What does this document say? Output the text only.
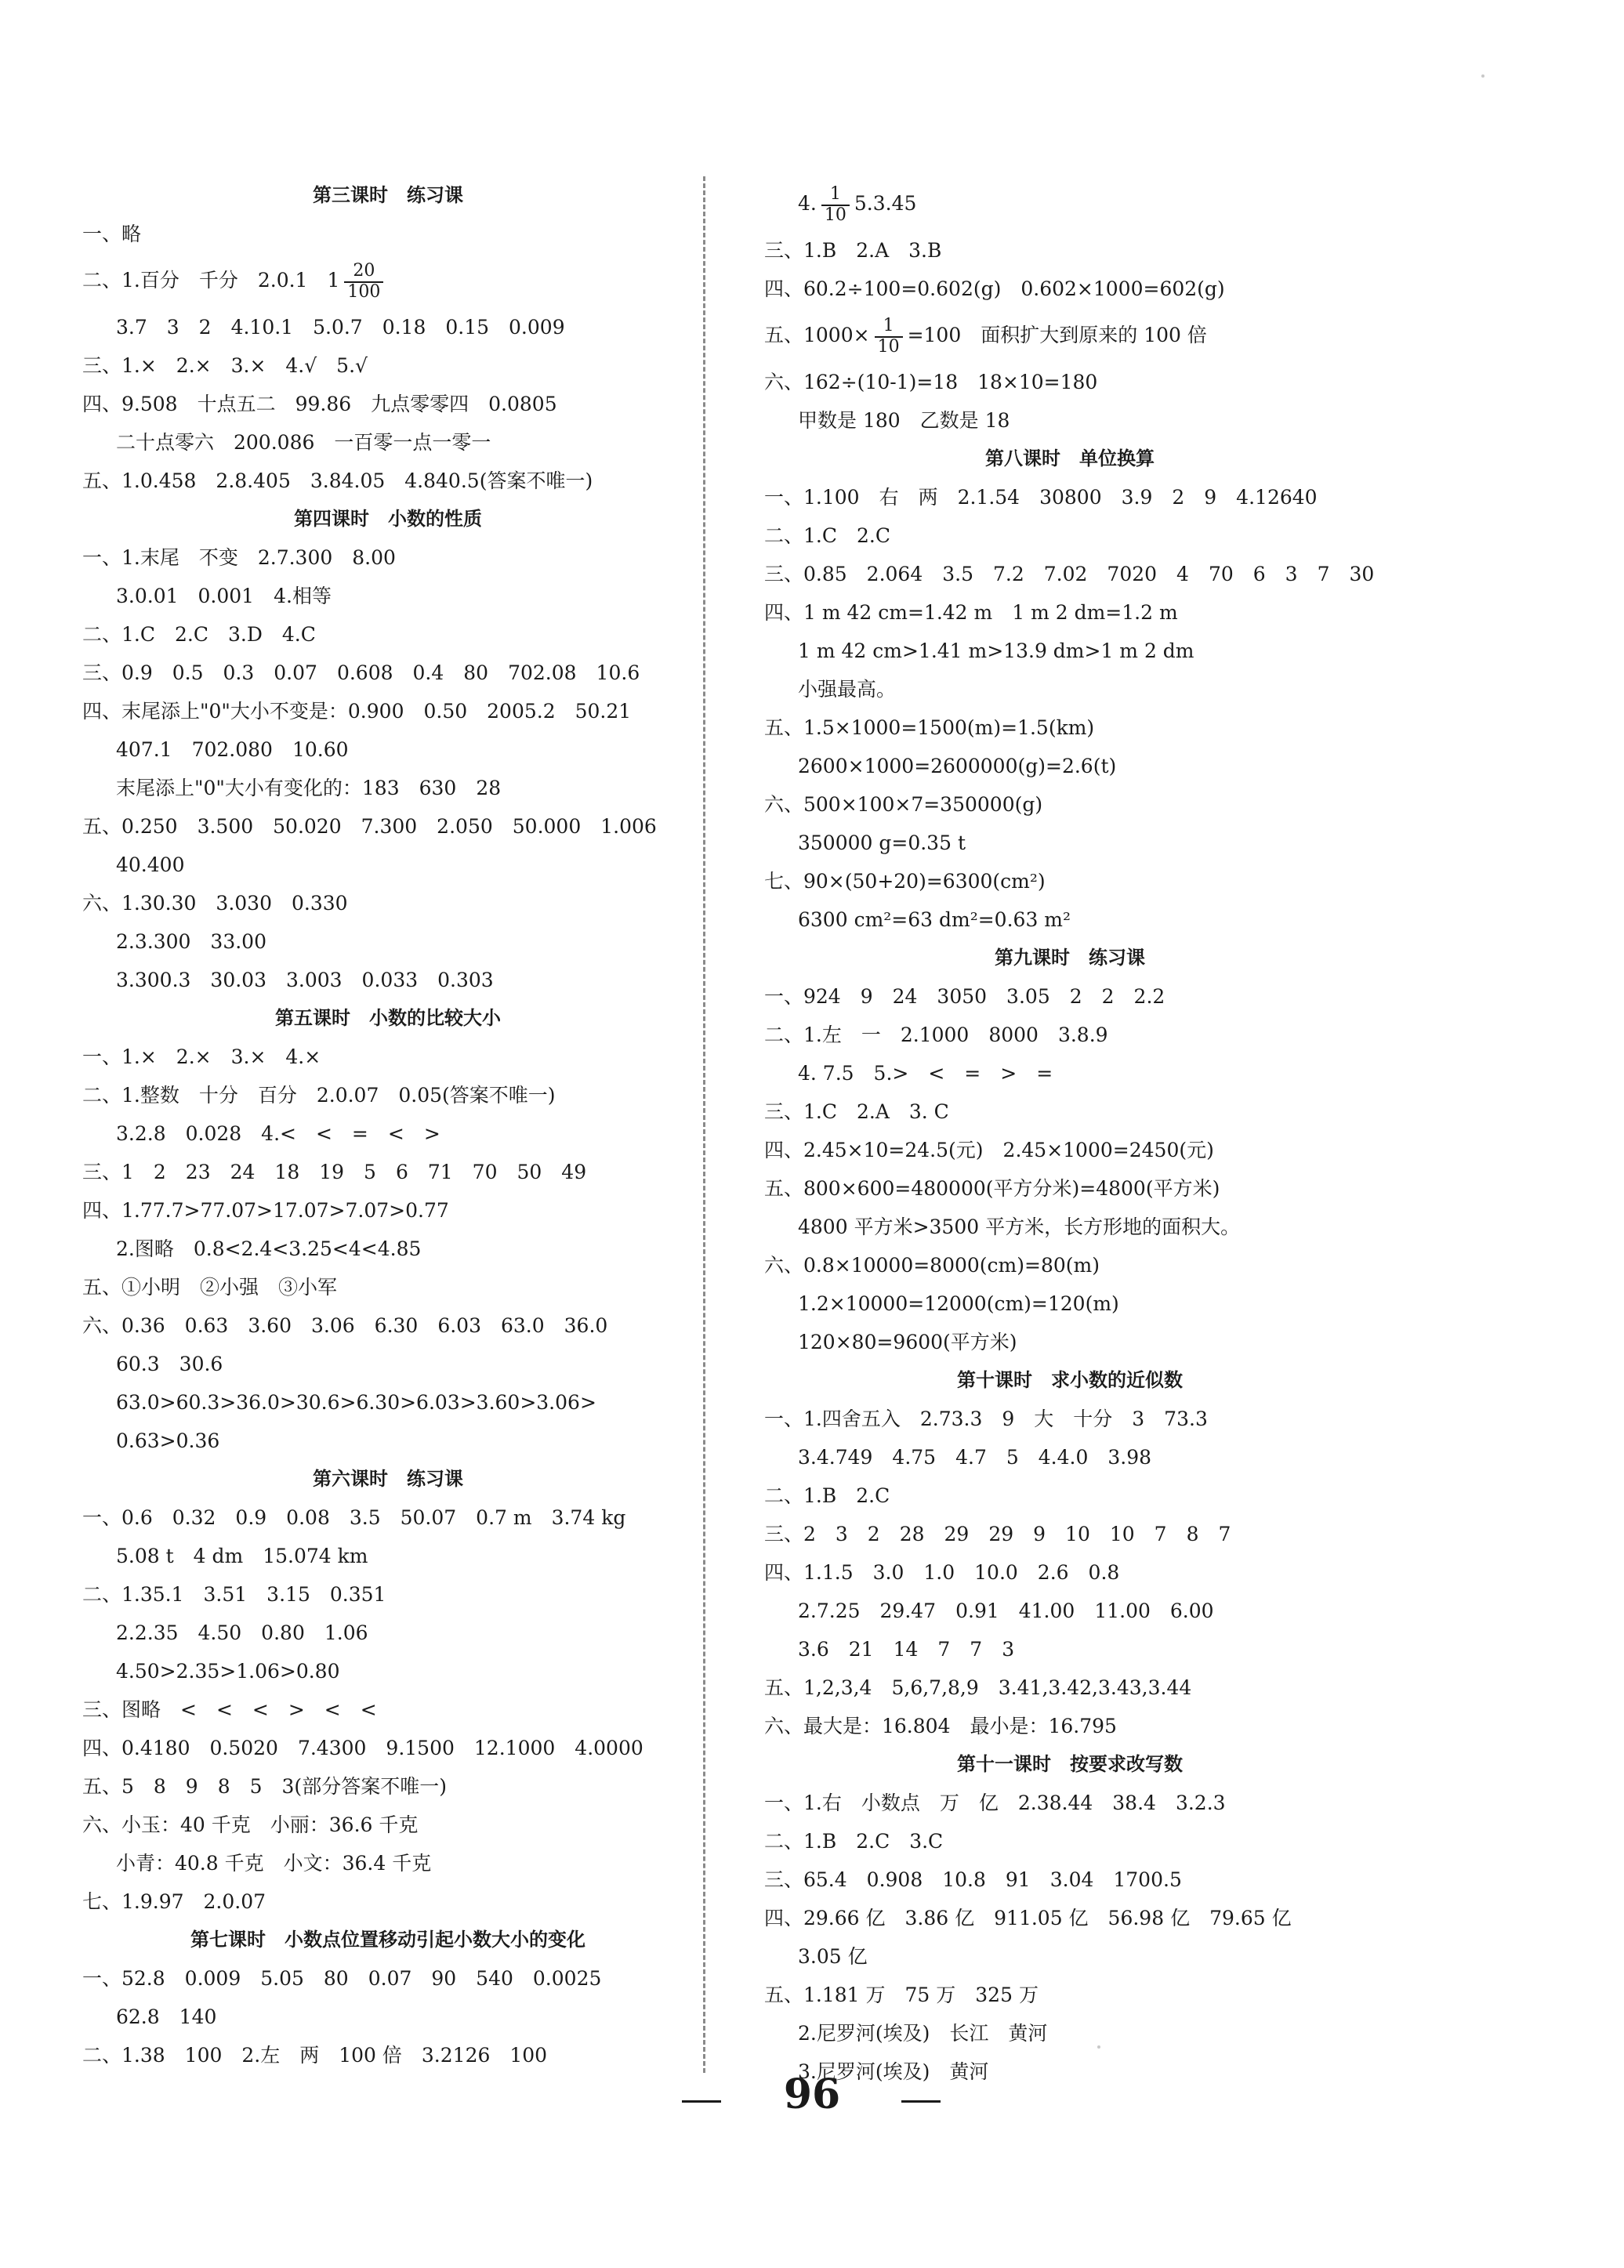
第三课时　练习课
一、略
二、1.百分　千分　2.0.1　$1 \frac{20}{100}$
3.7　3　2　4.10.1　5.0.7　0.18　0.15　0.009
三、1.×　2.×　3.×　4.√　5.√
四、9.508　十点五二　99.86　九点零零四　0.0805
二十点零六　200.086　一百零一点一零一
五、1.0.458　2.8.405　3.84.05　4.840.5(答案不唯一)
第四课时　小数的性质
一、1.末尾　不变　2.7.300　8.00
3.0.01　0.001　4.相等
二、1.C　2.C　3.D　4.C
三、0.9　0.5　0.3　0.07　0.608　0.4　80　702.08　10.6
四、末尾添上"0"大小不变是：0.900　0.50　2005.2　50.21
407.1　702.080　10.60
末尾添上"0"大小有变化的：183　630　28
五、0.250　3.500　50.020　7.300　2.050　50.000　1.006
40.400
六、1.30.30　3.030　0.330
2.3.300　33.00
3.300.3　30.03　3.003　0.033　0.303
第五课时　小数的比较大小
一、1.×　2.×　3.×　4.×
二、1.整数　十分　百分　2.0.07　0.05(答案不唯一)
3.2.8　0.028　4.<　<　=　<　>
三、1　2　23　24　18　19　5　6　71　70　50　49
四、1.77.7>77.07>17.07>7.07>0.77
2.图略　0.8<2.4<3.25<4<4.85
五、①小明　②小强　③小军
六、0.36　0.63　3.60　3.06　6.30　6.03　63.0　36.0
60.3　30.6
63.0>60.3>36.0>30.6>6.30>6.03>3.60>3.06>
0.63>0.36
第六课时　练习课
一、0.6　0.32　0.9　0.08　3.5　50.07　0.7 m　3.74 kg
5.08 t　4 dm　15.074 km
二、1.35.1　3.51　3.15　0.351
2.2.35　4.50　0.80　1.06
4.50>2.35>1.06>0.80
三、图略　<　<　<　>　<　<
四、0.4180　0.5020　7.4300　9.1500　12.1000　4.0000
五、5　8　9　8　5　3(部分答案不唯一)
六、小玉：40 千克　小丽：36.6 千克
小青：40.8 千克　小文：36.4 千克
七、1.9.97　2.0.07
第七课时　小数点位置移动引起小数大小的变化
一、52.8　0.009　5.05　80　0.07　90　540　0.0025
62.8　140
二、1.38　100　2.左　两　100 倍　3.2126　100
4. $\frac{1}{10} 5.3.45$
三、1.B　2.A　3.B
四、60.2÷100=0.602(g)　0.602×1000=602(g)
五、$1000\times \frac{1}{10} =100$　面积扩大到原来的 100 倍
六、162÷(10-1)=18　18×10=180
甲数是 180　乙数是 18
第八课时　单位换算
一、1.100　右　两　2.1.54　30800　3.9　2　9　4.12640
二、1.C　2.C
三、0.85　2.064　3.5　7.2　7.02　7020　4　70　6　3　7　30
四、1 m 42 cm=1.42 m　1 m 2 dm=1.2 m
1 m 42 cm>1.41 m>13.9 dm>1 m 2 dm
小强最高。
五、1.5×1000=1500(m)=1.5(km)
2600×1000=2600000(g)=2.6(t)
六、500×100×7=350000(g)
350000 g=0.35 t
七、90×(50+20)=6300(cm²)
6300 cm²=63 dm²=0.63 m²
第九课时　练习课
一、924　9　24　3050　3.05　2　2　2.2
二、1.左　一　2.1000　8000　3.8.9
4. 7.5　5.>　<　=　>　=
三、1.C　2.A　3. C
四、2.45×10=24.5(元)　2.45×1000=2450(元)
五、800×600=480000(平方分米)=4800(平方米)
4800 平方米>3500 平方米，长方形地的面积大。
六、0.8×10000=8000(cm)=80(m)
1.2×10000=12000(cm)=120(m)
120×80=9600(平方米)
第十课时　求小数的近似数
一、1.四舍五入　2.73.3　9　大　十分　3　73.3
3.4.749　4.75　4.7　5　4.4.0　3.98
二、1.B　2.C
三、2　3　2　28　29　29　9　10　10　7　8　7
四、1.1.5　3.0　1.0　10.0　2.6　0.8
2.7.25　29.47　0.91　41.00　11.00　6.00
3.6　21　14　7　7　3
五、1,2,3,4　5,6,7,8,9　3.41,3.42,3.43,3.44
六、最大是：16.804　最小是：16.795
第十一课时　按要求改写数
一、1.右　小数点　万　亿　2.38.44　38.4　3.2.3
二、1.B　2.C　3.C
三、65.4　0.908　10.8　91　3.04　1700.5
四、29.66 亿　3.86 亿　911.05 亿　56.98 亿　79.65 亿
3.05 亿
五、1.181 万　75 万　325 万
2.尼罗河(埃及)　长江　黄河
3.尼罗河(埃及)　黄河
96
